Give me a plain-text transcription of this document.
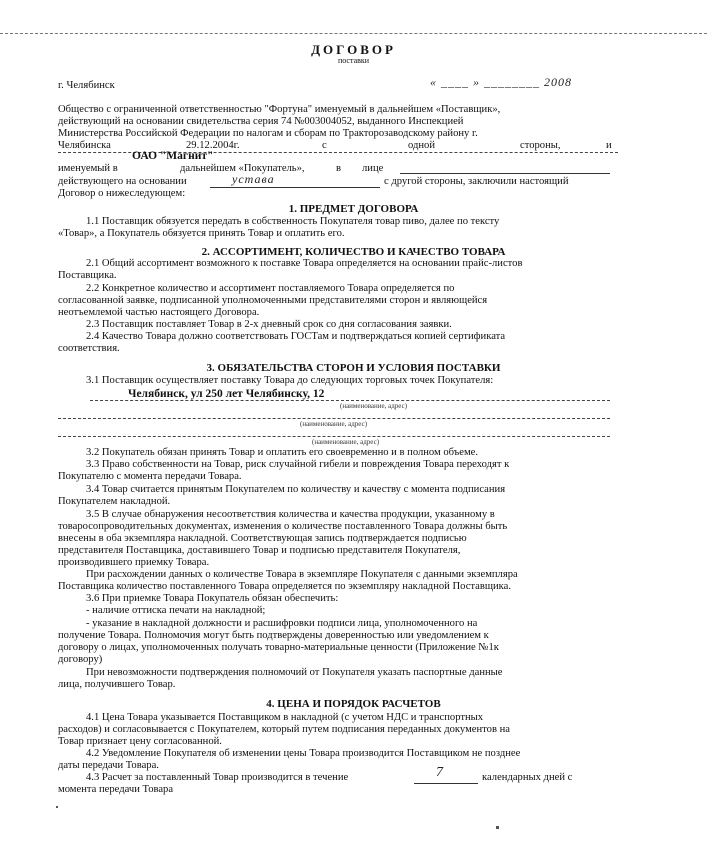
ДОГОВОР
поставки
г. Челябинск	« ____ » ________ 2008
Общество с ограниченной ответственностью "Фортуна" именуемый в дальнейшем «Поставщик»,
действующий на основании свидетельства серия 74 №003004052, выданного Инспекцией
Министерства Российской Федерации по налогам и сборам по Тракторозаводскому району г.
Челябинска	29.12.2004г.	с	одной	стороны,	и
ОАО "Магнит"
именуемый в	дальнейшем «Покупатель»,	в лице
действующего на основании	устава	с другой стороны, заключили настоящий
Договор о нижеследующем:
1. ПРЕДМЕТ ДОГОВОРА
1.1 Поставщик обязуется передать в собственность Покупателя товар пиво, далее по тексту
«Товар», а Покупатель обязуется принять Товар и оплатить его.
2. АССОРТИМЕНТ, КОЛИЧЕСТВО И КАЧЕСТВО ТОВАРА
2.1 Общий ассортимент возможного к поставке Товара определяется на основании прайс-листов
Поставщика.
2.2 Конкретное количество и ассортимент поставляемого Товара определяется по
согласованной заявке, подписанной уполномоченными представителями сторон и являющейся
неотъемлемой частью настоящего Договора.
2.3 Поставщик поставляет Товар в 2-х дневный срок со дня согласования заявки.
2.4 Качество Товара должно соответствовать ГОСТам и подтверждаться копией сертификата
соответствия.
3. ОБЯЗАТЕЛЬСТВА СТОРОН И УСЛОВИЯ ПОСТАВКИ
3.1 Поставщик осуществляет поставку Товара до следующих торговых точек Покупателя:
Челябинск, ул 250 лет Челябинску, 12
(наименование, адрес)
(наименование, адрес)
(наименование, адрес)
3.2 Покупатель обязан принять Товар и оплатить его своевременно и в полном объеме.
3.3 Право собственности на Товар, риск случайной гибели и повреждения Товара переходят к
Покупателю с момента передачи Товара.
3.4 Товар считается принятым Покупателем по количеству и качеству с момента подписания
Покупателем накладной.
3.5 В случае обнаружения несоответствия количества и качества продукции, указанному в
товаросопроводительных документах, изменения о количестве поставленного Товара должны быть
внесены в оба экземпляра накладной. Соответствующая запись подтверждается подписью
представителя Поставщика, доставившего Товар и подписью представителя Покупателя,
производившего приемку Товара.
При расхождении данных о количестве Товара в экземпляре Покупателя с данными экземпляра
Поставщика количество поставленного Товара определяется по экземпляру накладной Поставщика.
3.6 При приемке Товара Покупатель обязан обеспечить:
- наличие оттиска печати на накладной;
- указание в накладной должности и расшифровки подписи лица, уполномоченного на
получение Товара. Полномочия могут быть подтверждены доверенностью или уведомлением к
договору о лицах, уполномоченных получать товарно-материальные ценности (Приложение №1к
договору)
При невозможности подтверждения полномочий от Покупателя указать паспортные данные
лица, получившего Товар.
4. ЦЕНА И ПОРЯДОК РАСЧЕТОВ
4.1 Цена Товара указывается Поставщиком в накладной (с учетом НДС и транспортных
расходов) и согласовывается с Покупателем, который путем подписания переданных документов на
Товар признает цену согласованной.
4.2 Уведомление Покупателя об изменении цены Товара производится Поставщиком не позднее
даты передачи Товара.
4.3 Расчет за поставленный Товар производится в течение	7	календарных дней с
момента передачи Товара
